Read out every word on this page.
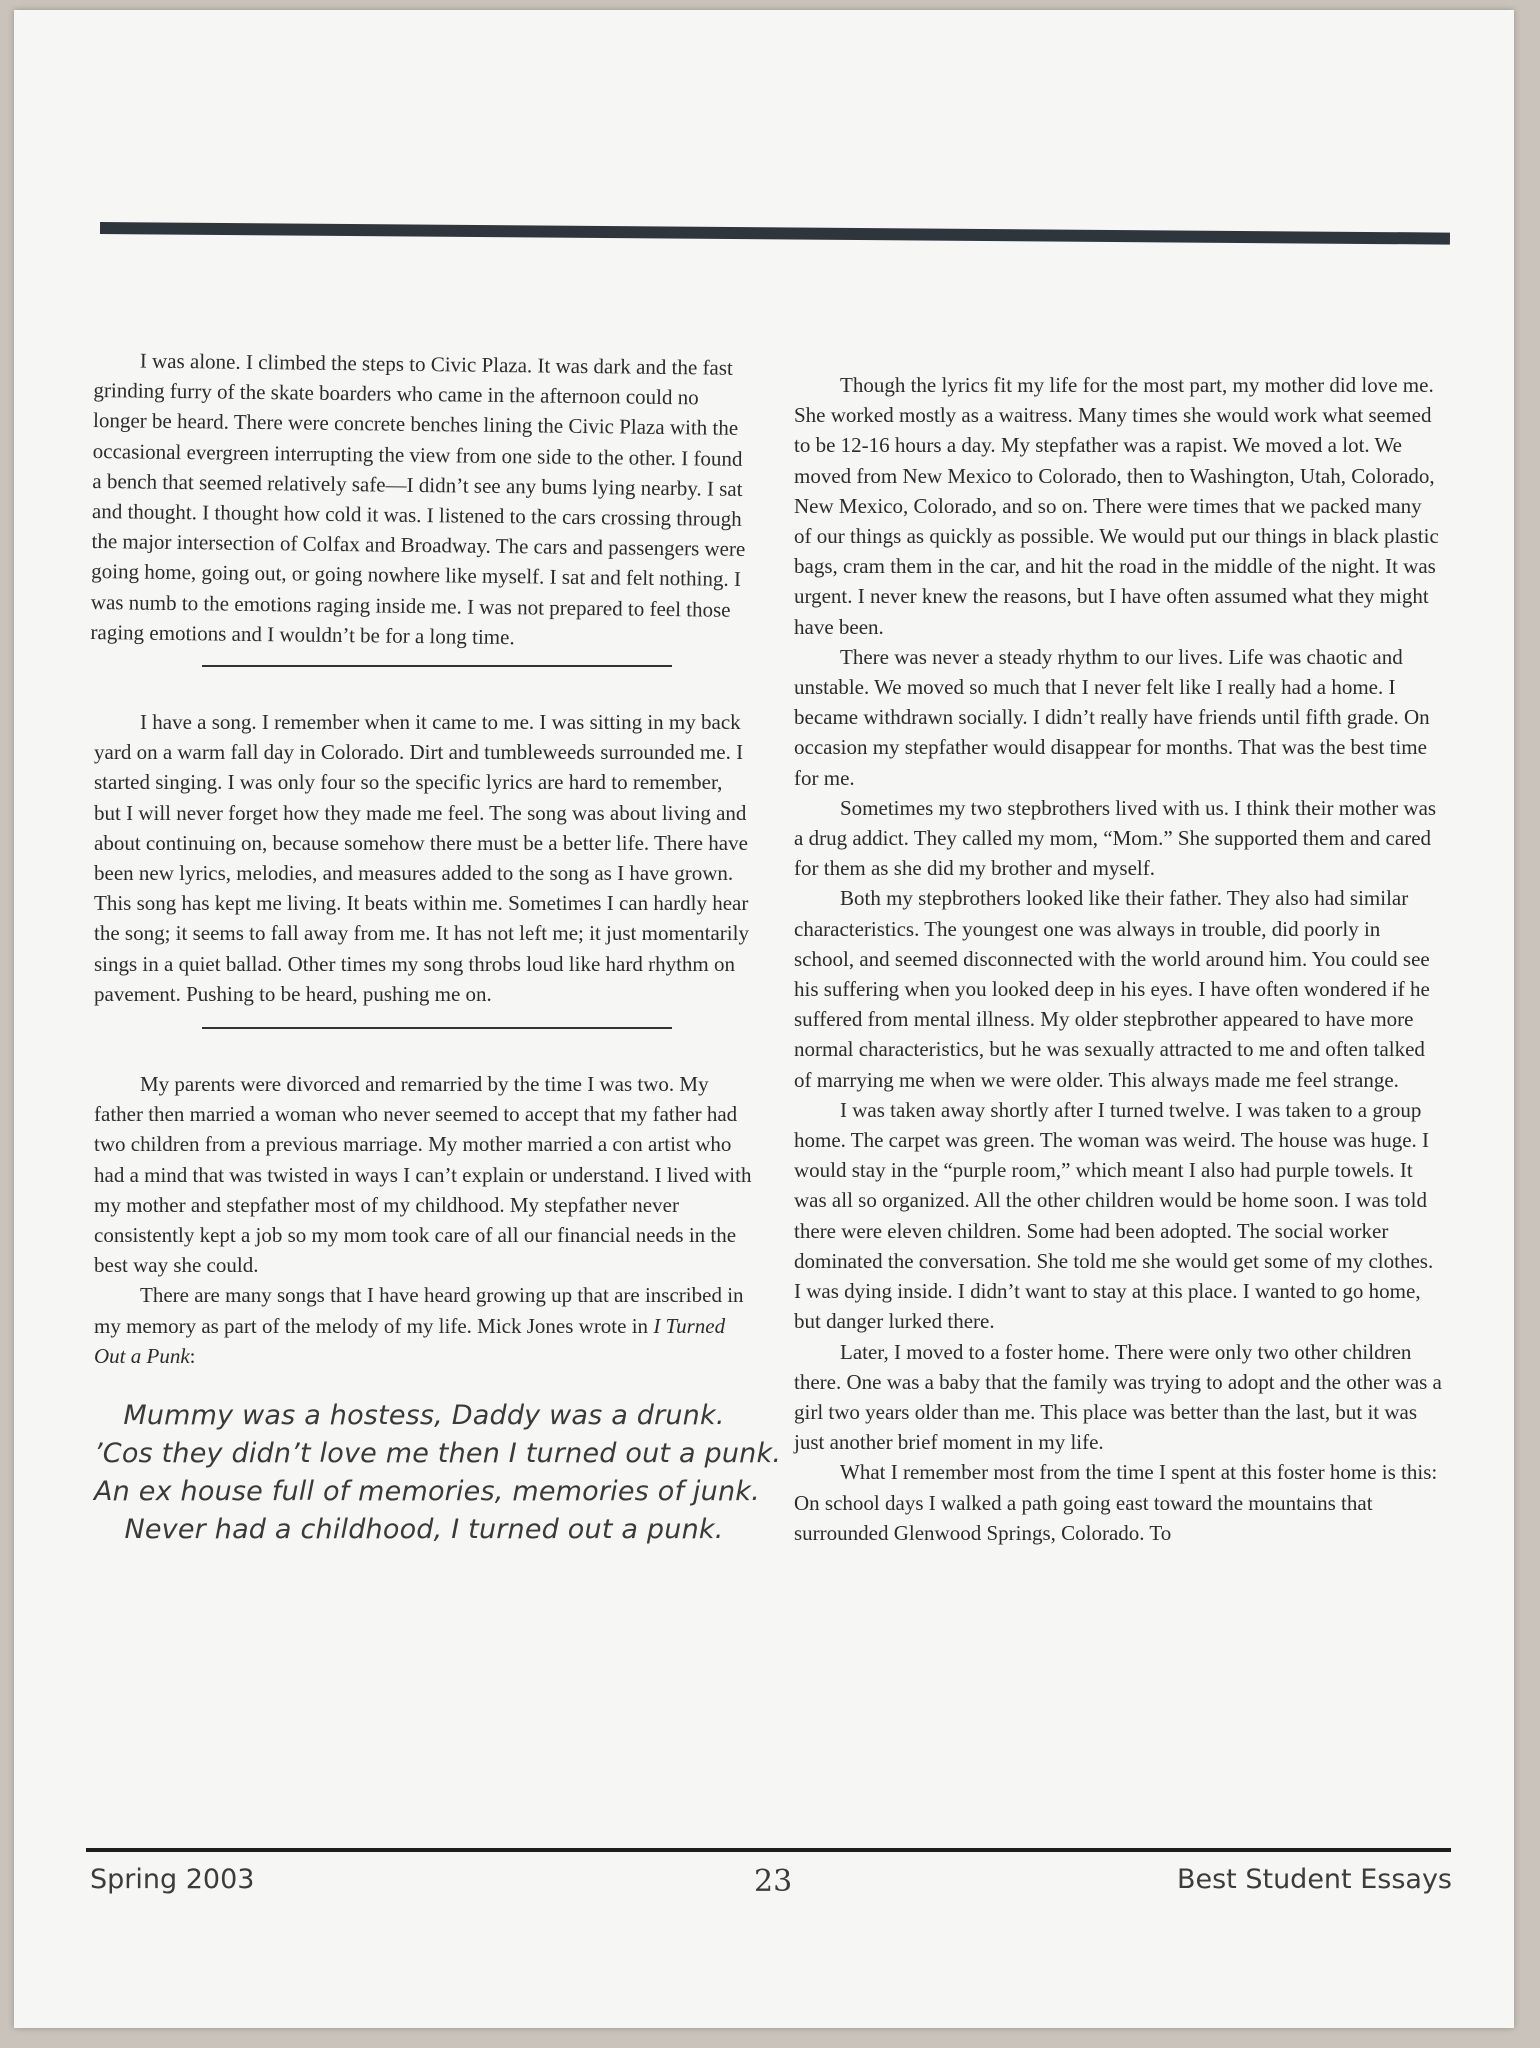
I was alone. I climbed the steps to Civic Plaza. It was dark and the fast grinding furry of the skate boarders who came in the afternoon could no longer be heard. There were concrete benches lining the Civic Plaza with the occasional evergreen interrupting the view from one side to the other. I found a bench that seemed relatively safe—I didn’t see any bums lying nearby. I sat and thought. I thought how cold it was. I listened to the cars crossing through the major intersection of Colfax and Broadway. The cars and passengers were going home, going out, or going nowhere like myself. I sat and felt nothing. I was numb to the emotions raging inside me. I was not prepared to feel those raging emotions and I wouldn’t be for a long time.

I have a song. I remember when it came to me. I was sitting in my back yard on a warm fall day in Colorado. Dirt and tumbleweeds surrounded me. I started singing. I was only four so the specific lyrics are hard to remember, but I will never forget how they made me feel. The song was about living and about continuing on, because somehow there must be a better life. There have been new lyrics, melodies, and measures added to the song as I have grown. This song has kept me living. It beats within me. Sometimes I can hardly hear the song; it seems to fall away from me. It has not left me; it just momentarily sings in a quiet ballad. Other times my song throbs loud like hard rhythm on pavement. Pushing to be heard, pushing me on.

My parents were divorced and remarried by the time I was two. My father then married a woman who never seemed to accept that my father had two children from a previous marriage. My mother married a con artist who had a mind that was twisted in ways I can’t explain or understand. I lived with my mother and stepfather most of my childhood. My stepfather never consistently kept a job so my mom took care of all our financial needs in the best way she could.

There are many songs that I have heard growing up that are inscribed in my memory as part of the melody of my life. Mick Jones wrote in I Turned Out a Punk:

Mummy was a hostess, Daddy was a drunk.
’Cos they didn’t love me then I turned out a punk.
An ex house full of memories, memories of junk.
Never had a childhood, I turned out a punk.

Though the lyrics fit my life for the most part, my mother did love me. She worked mostly as a waitress. Many times she would work what seemed to be 12-16 hours a day. My stepfather was a rapist. We moved a lot. We moved from New Mexico to Colorado, then to Washington, Utah, Colorado, New Mexico, Colorado, and so on. There were times that we packed many of our things as quickly as possible. We would put our things in black plastic bags, cram them in the car, and hit the road in the middle of the night. It was urgent. I never knew the reasons, but I have often assumed what they might have been.

There was never a steady rhythm to our lives. Life was chaotic and unstable. We moved so much that I never felt like I really had a home. I became withdrawn socially. I didn’t really have friends until fifth grade. On occasion my stepfather would disappear for months. That was the best time for me.

Sometimes my two stepbrothers lived with us. I think their mother was a drug addict. They called my mom, “Mom.” She supported them and cared for them as she did my brother and myself.

Both my stepbrothers looked like their father. They also had similar characteristics. The youngest one was always in trouble, did poorly in school, and seemed disconnected with the world around him. You could see his suffering when you looked deep in his eyes. I have often wondered if he suffered from mental illness. My older stepbrother appeared to have more normal characteristics, but he was sexually attracted to me and often talked of marrying me when we were older. This always made me feel strange.

I was taken away shortly after I turned twelve. I was taken to a group home. The carpet was green. The woman was weird. The house was huge. I would stay in the “purple room,” which meant I also had purple towels. It was all so organized. All the other children would be home soon. I was told there were eleven children. Some had been adopted. The social worker dominated the conversation. She told me she would get some of my clothes. I was dying inside. I didn’t want to stay at this place. I wanted to go home, but danger lurked there.

Later, I moved to a foster home. There were only two other children there. One was a baby that the family was trying to adopt and the other was a girl two years older than me. This place was better than the last, but it was just another brief moment in my life.

What I remember most from the time I spent at this foster home is this: On school days I walked a path going east toward the mountains that surrounded Glenwood Springs, Colorado. To

Spring 2003	23	Best Student Essays
